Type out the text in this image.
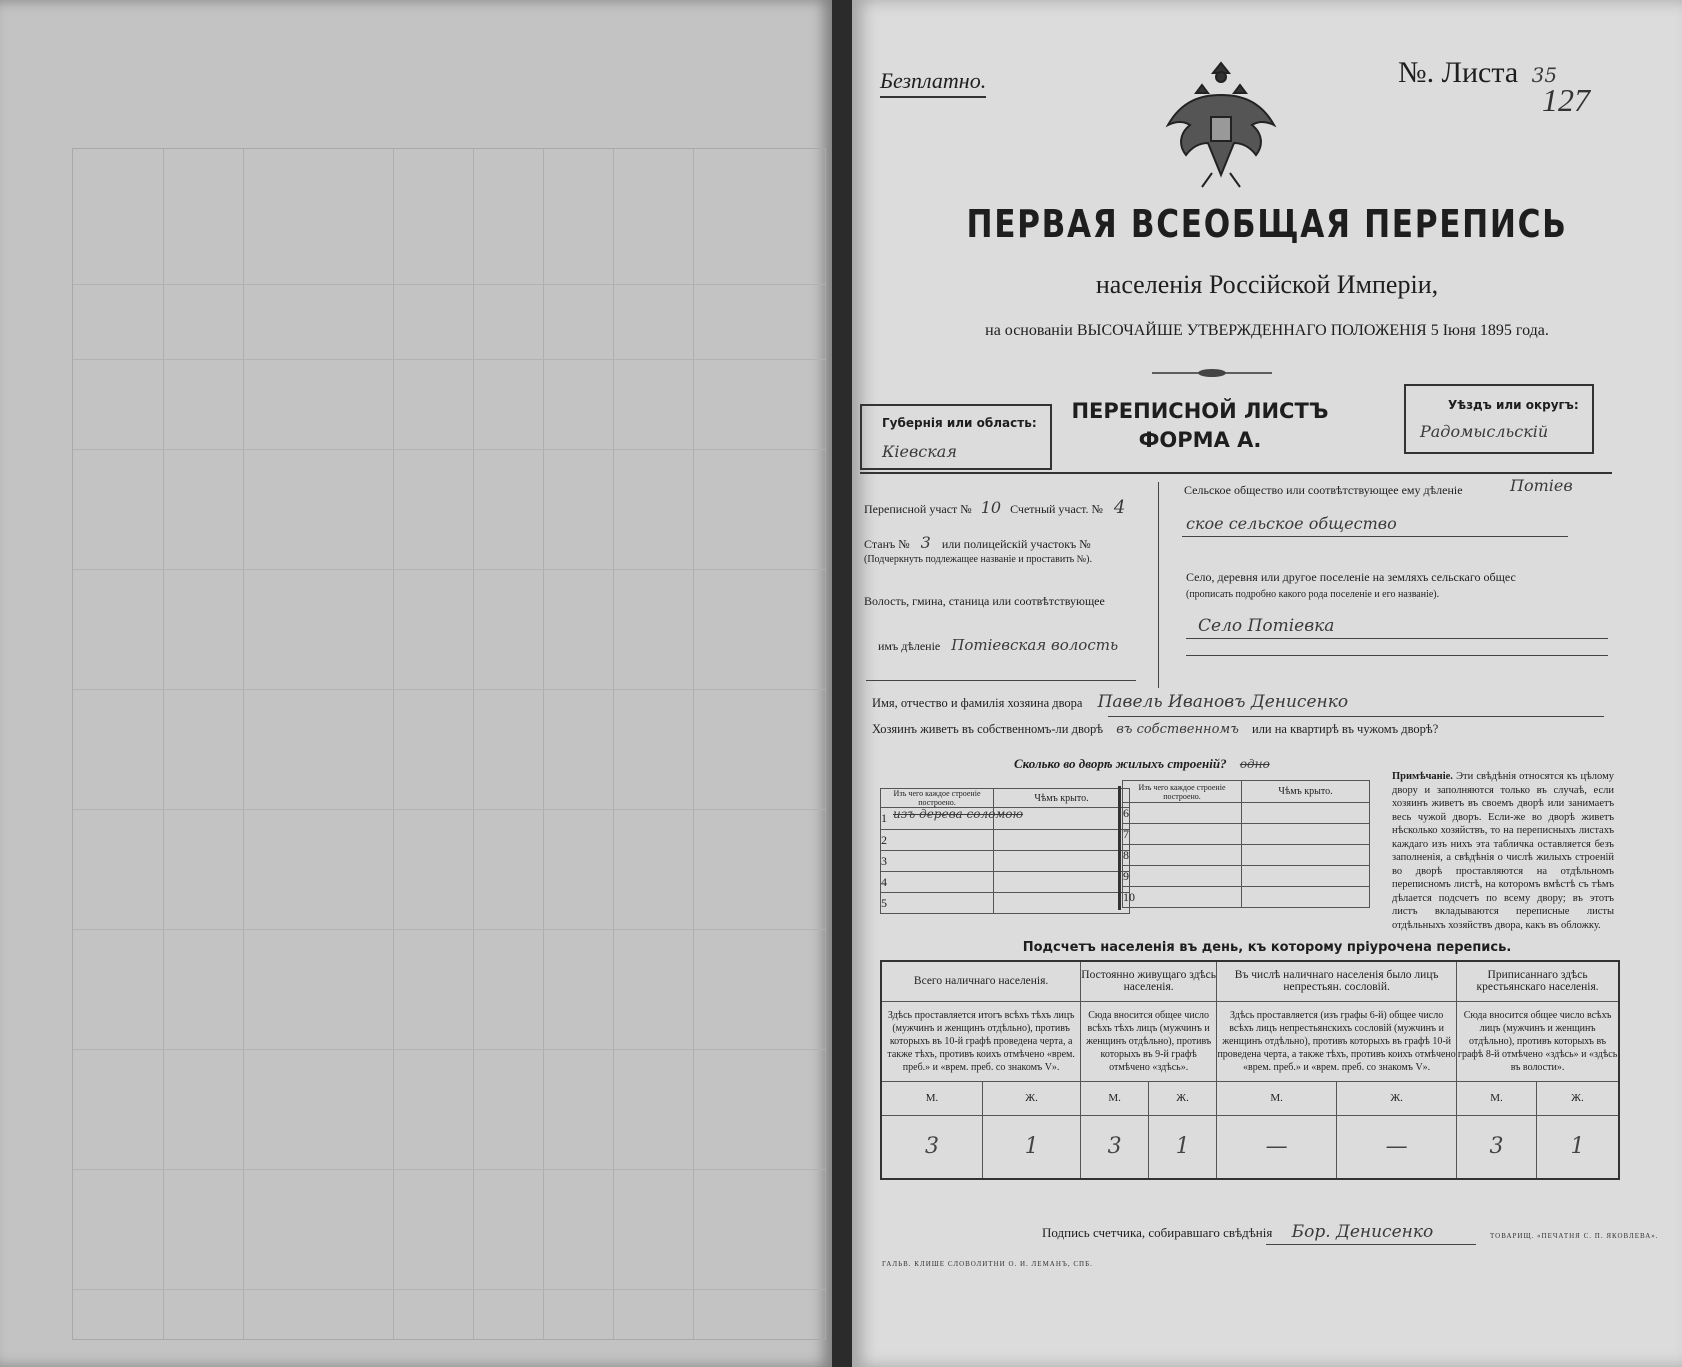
Безплатно.	№. Листа 35
127
ПЕРВАЯ ВСЕОБЩАЯ ПЕРЕПИСЬ
населенія Россійской Имперіи,
на основаніи ВЫСОЧАЙШЕ УТВЕРЖДЕННАГО ПОЛОЖЕНІЯ 5 Іюня 1895 года.
Губернія или область:
Кіевская
ПЕРЕПИСНОЙ ЛИСТЪ
ФОРМА А.
Уѣздъ или округъ:
Радомысльскій
Переписной участ № 10 Счетный участ. № 4
Станъ № 3 или полицейскій участокъ №
(Подчеркнуть подлежащее названіе и проставить №).
Волость, гмина, станица или соотвѣтствующее
имъ дѣленіе Потіевская волость
Сельское общество или соотвѣтствующее ему дѣленіе	Потіев
ское сельское общество
Село, деревня или другое поселеніе на земляхъ сельскаго общес
(прописать подробно какого рода поселеніе и его названіе).
Село Потіевка
Имя, отчество и фамилія хозяина двора Павель Ивановъ Денисенко
Хозяинъ живетъ въ собственномъ-ли дворѣ въ собственномъ или на квартирѣ въ чужомъ дворѣ?
Сколько во дворѣ жилыхъ строеній? одно
Изъ чего каждое строеніе построено.	Чѣмъ крыто.
1 изъ дерева соломою	

2	
3	
4	
5	
Изъ чего каждое строеніе построено.	Чѣмъ крыто.
6	
7	
8	
9	
10	
Примѣчаніе. Эти свѣдѣнія относятся къ цѣлому двору и заполняются только въ случаѣ, если хозяинъ живетъ въ своемъ дворѣ или занимаетъ весь чужой дворъ. Если-же во дворѣ живетъ нѣсколько хозяйствъ, то на переписныхъ листахъ каждаго изъ нихъ эта табличка оставляется безъ заполненія, а свѣдѣнія о числѣ жилыхъ строеній во дворѣ проставляются на отдѣльномъ переписномъ листѣ, на которомъ вмѣстѣ съ тѣмъ дѣлается подсчетъ по всему двору; въ этотъ листъ вкладываются переписные листы отдѣльныхъ хозяйствъ двора, какъ въ обложку.
Подсчетъ населенія въ день, къ которому пріурочена перепись.
Всего наличнаго населенія.		Постоянно живущаго здѣсь населенія.		Въ числѣ наличнаго населенія было лицъ непрестьян. сословій.		Приписаннаго здѣсь крестьянскаго населенія.	
Здѣсь проставляется итогъ всѣхъ тѣхъ лицъ (мужчинъ и женщинъ отдѣльно), противъ которыхъ въ 10-й графѣ проведена черта, а также тѣхъ, противъ коихъ отмѣчено «врем. преб.» и «врем. преб. со знакомъ V».		Сюда вносится общее число всѣхъ тѣхъ лицъ (мужчинъ и женщинъ отдѣльно), противъ которыхъ въ 9-й графѣ отмѣчено «здѣсь».		Здѣсь проставляется (изъ графы 6-й) общее число всѣхъ лицъ непрестьянскихъ сословій (мужчинъ и женщинъ отдѣльно), противъ которыхъ въ графѣ 10-й проведена черта, а также тѣхъ, противъ коихъ отмѣчено «врем. преб.» и «врем. преб. со знакомъ V».		Сюда вносится общее число всѣхъ лицъ (мужчинъ и женщинъ отдѣльно), противъ которыхъ въ графѣ 8-й отмѣчено «здѣсь» и «здѣсь въ волости».	
М.	Ж.	М.	Ж.	М.	Ж.	М.	Ж.
3	1	3	1	—	—	3	1
Подпись счетчика, собиравшаго свѣдѣнія Бор. Денисенко
ГАЛЬВ. КЛИШЕ СЛОВОЛИТНИ О. И. ЛЕМАНЪ, СПБ.
ТОВАРИЩ. «ПЕЧАТНЯ С. П. ЯКОВЛЕВА».
